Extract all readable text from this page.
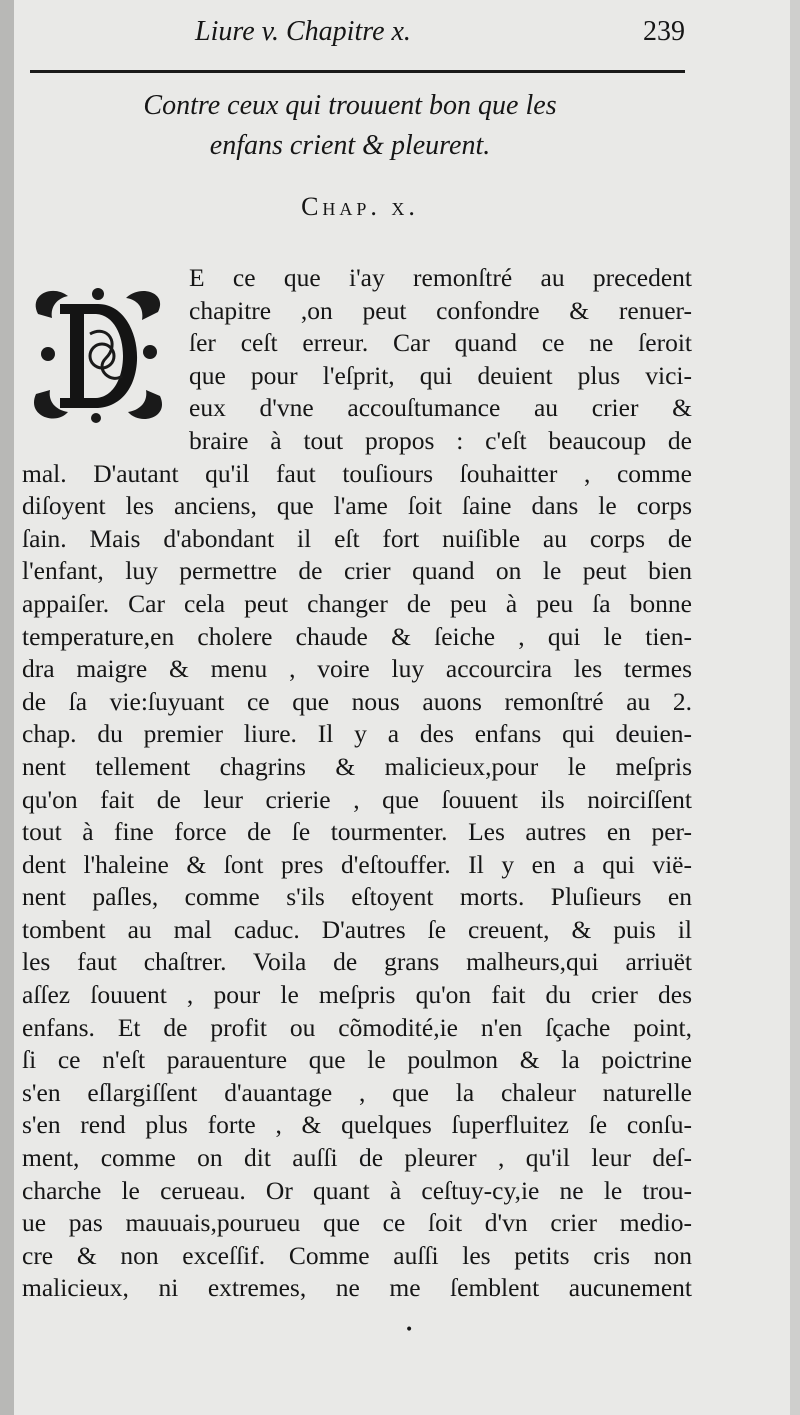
Liure v. Chapitre x.	239
Contre ceux qui trouuent bon que les
enfans crient & pleurent.
Chap. x.
E ce que i'ay remonſtré au precedent
chapitre ,on peut confondre & renuer-
ſer ceſt erreur. Car quand ce ne ſeroit
que pour l'eſprit, qui deuient plus vici-
eux d'vne accouſtumance au crier &
braire à tout propos : c'eſt beaucoup de
mal. D'autant qu'il faut touſiours ſouhaitter , comme
diſoyent les anciens, que l'ame ſoit ſaine dans le corps
ſain. Mais d'abondant il eſt fort nuiſible au corps de
l'enfant, luy permettre de crier quand on le peut bien
appaiſer. Car cela peut changer de peu à peu ſa bonne
temperature,en cholere chaude & ſeiche , qui le tien-
dra maigre & menu , voire luy accourcira les termes
de ſa vie:ſuyuant ce que nous auons remonſtré au 2.
chap. du premier liure. Il y a des enfans qui deuien-
nent tellement chagrins & malicieux,pour le meſpris
qu'on fait de leur crierie , que ſouuent ils noirciſſent
tout à fine force de ſe tourmenter. Les autres en per-
dent l'haleine & ſont pres d'eſtouffer. Il y en a qui vië-
nent paſles, comme s'ils eſtoyent morts. Pluſieurs en
tombent au mal caduc. D'autres ſe creuent, & puis il
les faut chaſtrer. Voila de grans malheurs,qui arriuët
aſſez ſouuent , pour le meſpris qu'on fait du crier des
enfans. Et de profit ou cõmodité,ie n'en ſçache point,
ſi ce n'eſt parauenture que le poulmon & la poictrine
s'en eſlargiſſent d'auantage , que la chaleur naturelle
s'en rend plus forte , & quelques ſuperfluitez ſe conſu-
ment, comme on dit auſſi de pleurer , qu'il leur deſ-
charche le cerueau. Or quant à ceſtuy-cy,ie ne le trou-
ue pas mauuais,pourueu que ce ſoit d'vn crier medio-
cre & non exceſſif. Comme auſſi les petits cris non
malicieux, ni extremes, ne me ſemblent aucunement
•
